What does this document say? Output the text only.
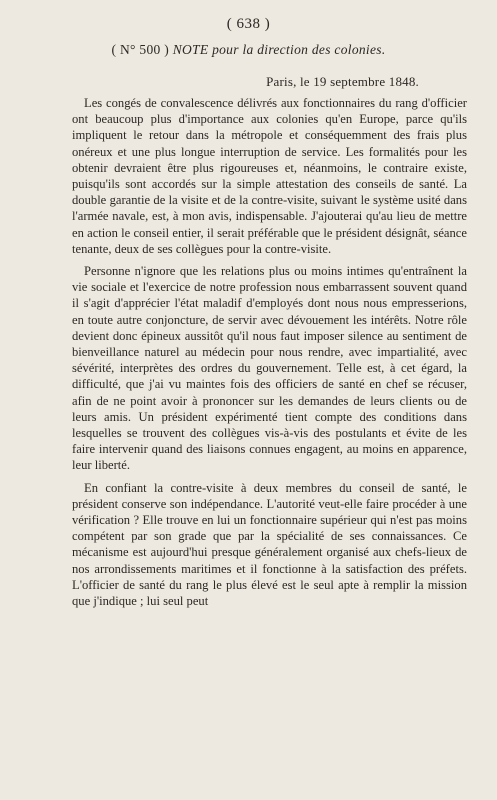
( 638 )
( N° 500 ) NOTE pour la direction des colonies.
Paris, le 19 septembre 1848.

Les congés de convalescence délivrés aux fonctionnaires du rang d'officier ont beaucoup plus d'importance aux colonies qu'en Europe, parce qu'ils impliquent le retour dans la métropole et conséquemment des frais plus onéreux et une plus longue interruption de service. Les formalités pour les obtenir devraient être plus rigoureuses et, néanmoins, le contraire existe, puisqu'ils sont accordés sur la simple attestation des conseils de santé. La double garantie de la visite et de la contre-visite, suivant le système usité dans l'armée navale, est, à mon avis, indispensable. J'ajouterai qu'au lieu de mettre en action le conseil entier, il serait préférable que le président désignât, séance tenante, deux de ses collègues pour la contre-visite.

Personne n'ignore que les relations plus ou moins intimes qu'entraînent la vie sociale et l'exercice de notre profession nous embarrassent souvent quand il s'agit d'apprécier l'état maladif d'employés dont nous nous empresserions, en toute autre conjoncture, de servir avec dévouement les intérêts. Notre rôle devient donc épineux aussitôt qu'il nous faut imposer silence au sentiment de bienveillance naturel au médecin pour nous rendre, avec impartialité, avec sévérité, interprètes des ordres du gouvernement. Telle est, à cet égard, la difficulté, que j'ai vu maintes fois des officiers de santé en chef se récuser, afin de ne point avoir à prononcer sur les demandes de leurs clients ou de leurs amis. Un président expérimenté tient compte des conditions dans lesquelles se trouvent des collègues vis-à-vis des postulants et évite de les faire intervenir quand des liaisons connues engagent, au moins en apparence, leur liberté.

En confiant la contre-visite à deux membres du conseil de santé, le président conserve son indépendance. L'autorité veut-elle faire procéder à une vérification ? Elle trouve en lui un fonctionnaire supérieur qui n'est pas moins compétent par son grade que par la spécialité de ses connaissances. Ce mécanisme est aujourd'hui presque généralement organisé aux chefs-lieux de nos arrondissements maritimes et il fonctionne à la satisfaction des préfets. L'officier de santé du rang le plus élevé est le seul apte à remplir la mission que j'indique ; lui seul peut
